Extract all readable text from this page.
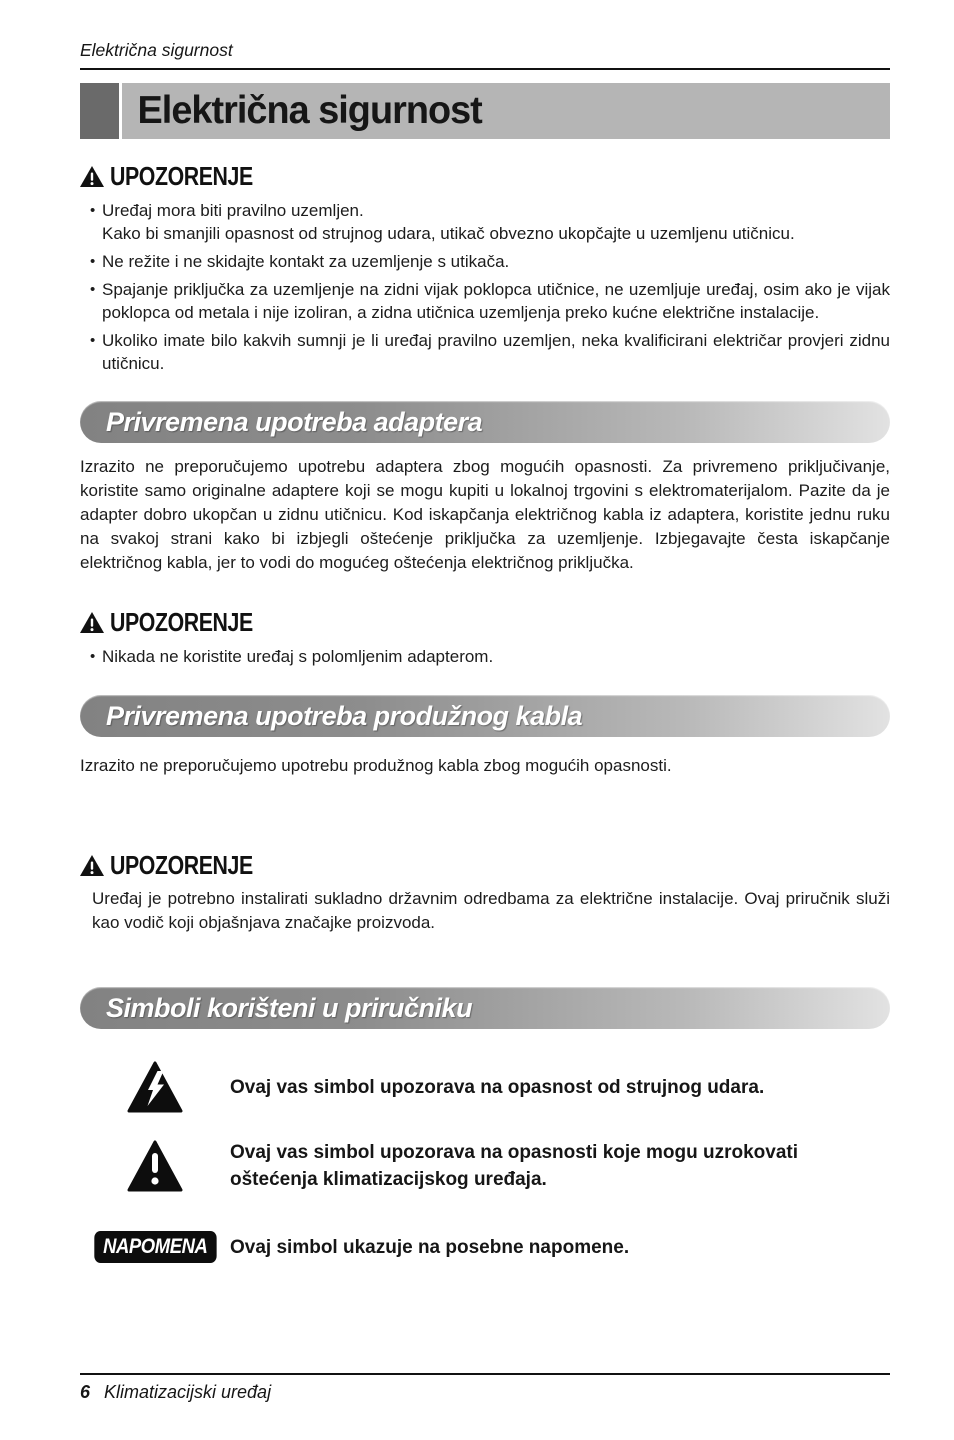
Električna sigurnost
Električna sigurnost
UPOZORENJE
• Uređaj mora biti pravilno uzemljen.
Kako bi smanjili opasnost od strujnog udara, utikač obvezno ukopčajte u uzemljenu utičnicu.
• Ne režite i ne skidajte kontakt za uzemljenje s utikača.
• Spajanje priključka za uzemljenje na zidni vijak poklopca utičnice, ne uzemljuje uređaj, osim ako je vijak poklopca od metala i nije izoliran, a zidna utičnica uzemljenja preko kućne električne instalacije.
• Ukoliko imate bilo kakvih sumnji je li uređaj pravilno uzemljen, neka kvalificirani električar provjeri zidnu utičnicu.
Privremena upotreba adaptera

Izrazito ne preporučujemo upotrebu adaptera zbog mogućih opasnosti. Za privremeno priključivanje, koristite samo originalne adaptere koji se mogu kupiti u lokalnoj trgovini s elektromaterijalom. Pazite da je adapter dobro ukopčan u zidnu utičnicu. Kod iskapčanja električnog kabla iz adaptera, koristite jednu ruku na svakoj strani kako bi izbjegli oštećenje priključka za uzemljenje. Izbjegavajte česta iskapčanje električnog kabla, jer to vodi do mogućeg oštećenja električnog priključka.

UPOZORENJE
• Nikada ne koristite uređaj s polomljenim adapterom.
Privremena upotreba produžnog kabla

Izrazito ne preporučujemo upotrebu produžnog kabla zbog mogućih opasnosti.

UPOZORENJE

Uređaj je potrebno instalirati sukladno državnim odredbama za električne instalacije. Ovaj priručnik služi kao vodič koji objašnjava značajke proizvoda.

Simboli korišteni u priručniku
Ovaj vas simbol upozorava na opasnost od strujnog udara.
Ovaj vas simbol upozorava na opasnosti koje mogu uzrokovati oštećenja klimatizacijskog uređaja.
NAPOMENA	Ovaj simbol ukazuje na posebne napomene.
6 Klimatizacijski uređaj
